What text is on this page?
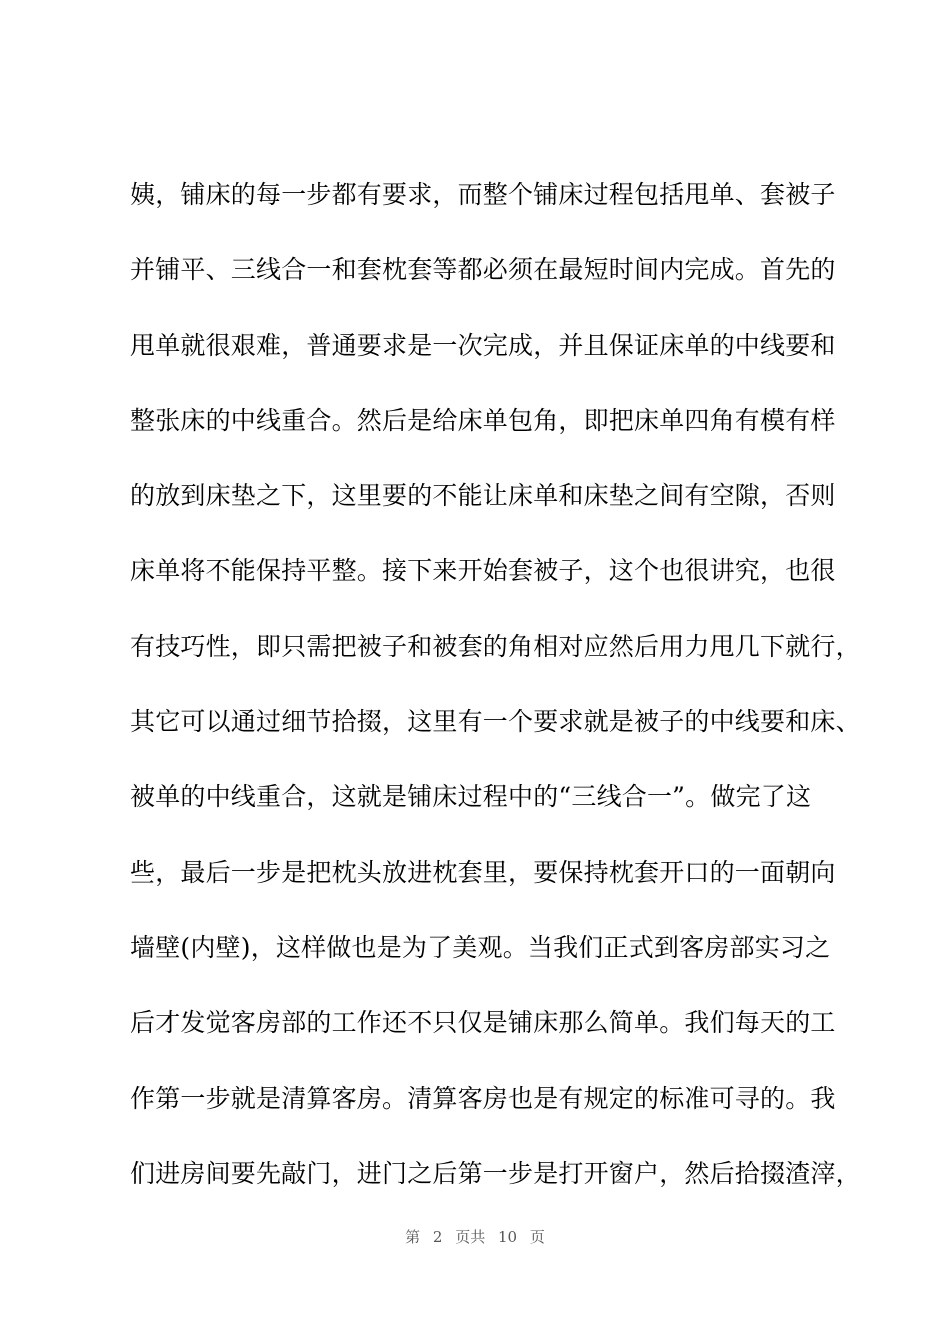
姨，铺床的每一步都有要求，而整个铺床过程包括甩单、套被子
并铺平、三线合一和套枕套等都必须在最短时间内完成。首先的
甩单就很艰难，普通要求是一次完成，并且保证床单的中线要和
整张床的中线重合。然后是给床单包角，即把床单四角有模有样
的放到床垫之下，这里要的不能让床单和床垫之间有空隙，否则
床单将不能保持平整。接下来开始套被子，这个也很讲究，也很
有技巧性，即只需把被子和被套的角相对应然后用力甩几下就行，
其它可以通过细节拾掇，这里有一个要求就是被子的中线要和床、
被单的中线重合，这就是铺床过程中的“三线合一”。做完了这
些，最后一步是把枕头放进枕套里，要保持枕套开口的一面朝向
墙壁(内壁)，这样做也是为了美观。当我们正式到客房部实习之
后才发觉客房部的工作还不只仅是铺床那么简单。我们每天的工
作第一步就是清算客房。清算客房也是有规定的标准可寻的。我
们进房间要先敲门，进门之后第一步是打开窗户，然后拾掇渣滓，
第 2 页共 10 页
